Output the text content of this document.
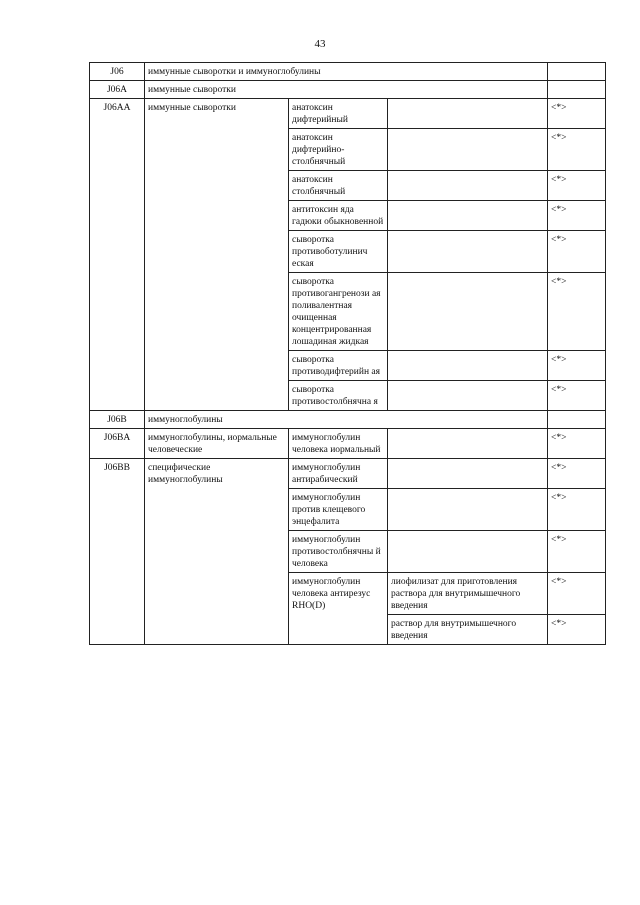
43
J06	иммунные сыворотки и иммуноглобулины			
J06A	иммунные сыворотки			
J06AA	иммунные сыворотки	анатоксин дифтерийный		<*>
		анатоксин дифтерийно-столбнячный		<*>
		анатоксин столбнячный		<*>
		антитоксин яда гадюки обыкновенной		<*>
		сыворотка противоботулинич еская		<*>
		сыворотка противогангренози ая поливалентная очищенная концентрированная лошадиная жидкая		<*>
		сыворотка противодифтерийн ая		<*>
		сыворотка противостолбнячна я		<*>
J06B	иммуноглобулины			
J06BA	иммуноглобулины, иормальные человеческие	иммуноглобулин человека иормальный		<*>
J06BB	специфические иммуноглобулины	иммуноглобулин антирабический		<*>
		иммуноглобулин против клещевого энцефалита		<*>
		иммуноглобулин противостолбнячны й человека		<*>
		иммуноглобулин человека антирезус RHO(D)	лиофилизат для приготовления раствора для внутримышечного введения	<*>
			раствор для внутримышечного введения	<*>
